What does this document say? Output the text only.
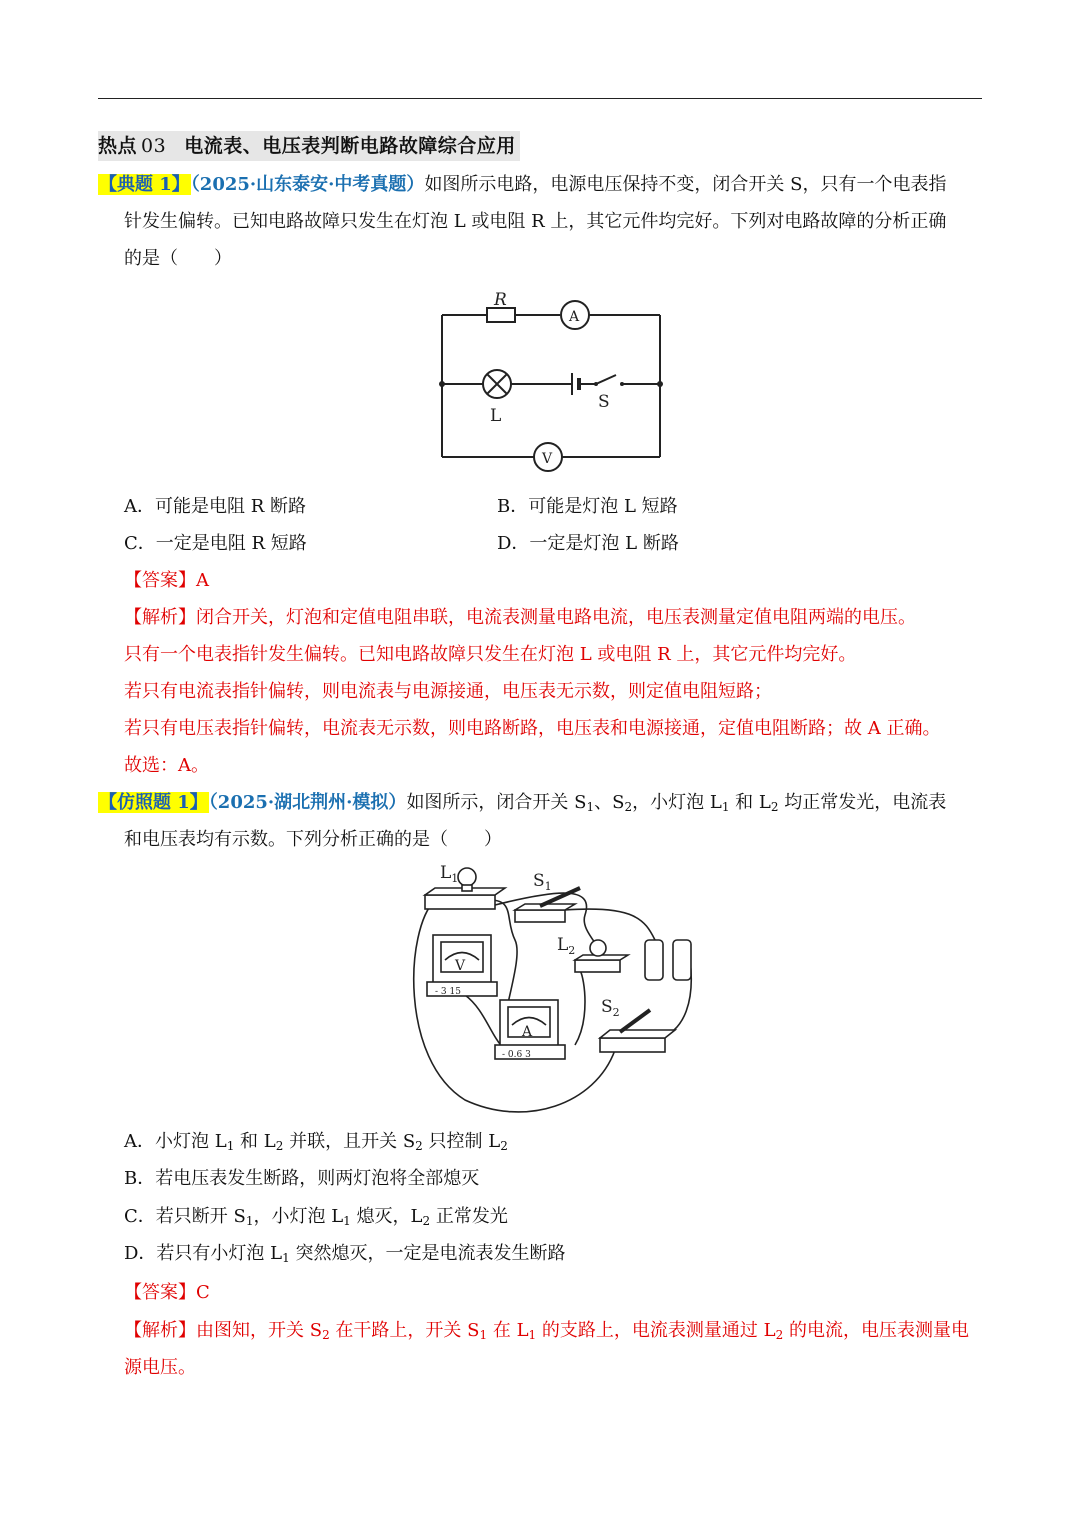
热点 03 电流表、电压表判断电路故障综合应用
【典题 1】（2025·山东泰安·中考真题）如图所示电路，电源电压保持不变，闭合开关 S，只有一个电表指
针发生偏转。已知电路故障只发生在灯泡 L 或电阻 R 上，其它元件均完好。下列对电路故障的分析正确
的是（　　）
R
A
L
S
V
A．可能是电阻 R 断路	B．可能是灯泡 L 短路
C．一定是电阻 R 短路	D．一定是灯泡 L 断路
【答案】A
【解析】闭合开关，灯泡和定值电阻串联，电流表测量电路电流，电压表测量定值电阻两端的电压。
只有一个电表指针发生偏转。已知电路故障只发生在灯泡 L 或电阻 R 上，其它元件均完好。
若只有电流表指针偏转，则电流表与电源接通，电压表无示数，则定值电阻短路；
若只有电压表指针偏转，电流表无示数，则电路断路，电压表和电源接通，定值电阻断路；故 A 正确。
故选：A。
【仿照题 1】（2025·湖北荆州·模拟）如图所示，闭合开关 $S_1$、$S_2$，小灯泡 $L_1$ 和 $L_2$ 均正常发光，电流表
和电压表均有示数。下列分析正确的是（　　）
$L_1$	$S_1$
$L_2$
$S_2$
V
A
- 3 15
- 0.6 3
A．小灯泡 $L_1$ 和 $L_2$ 并联，且开关 $S_2$ 只控制 $L_2$
B．若电压表发生断路，则两灯泡将全部熄灭
C．若只断开 $S_1$，小灯泡 $L_1$ 熄灭，$L_2$ 正常发光
D．若只有小灯泡 $L_1$ 突然熄灭，一定是电流表发生断路
【答案】C
【解析】由图知，开关 $S_2$ 在干路上，开关 $S_1$ 在 $L_1$ 的支路上，电流表测量通过 $L_2$ 的电流，电压表测量电
源电压。
